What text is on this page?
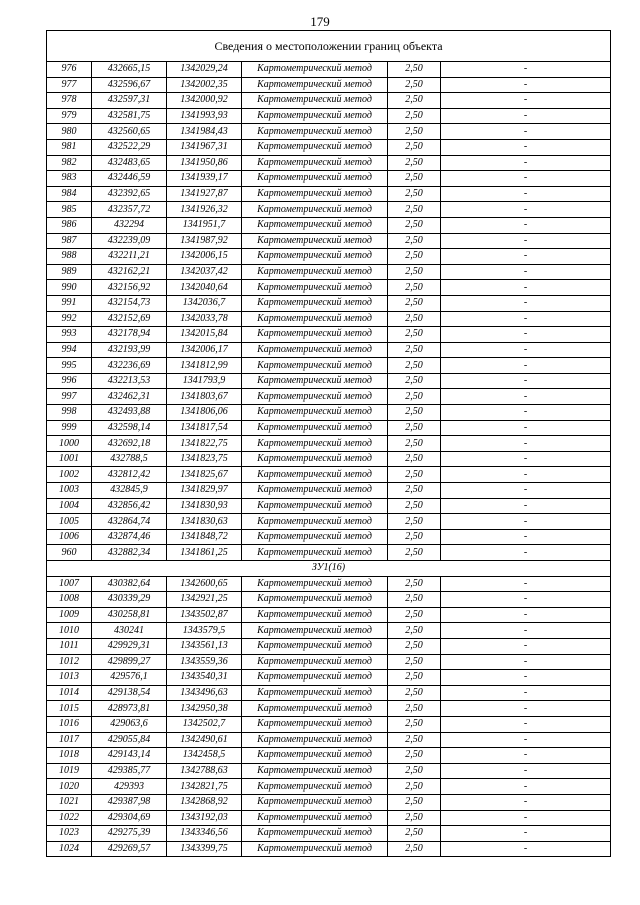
179
Сведения о местоположении границ объекта					
976	432665,15	1342029,24	Картометрический метод	2,50	-
977	432596,67	1342002,35	Картометрический метод	2,50	-
978	432597,31	1342000,92	Картометрический метод	2,50	-
979	432581,75	1341993,93	Картометрический метод	2,50	-
980	432560,65	1341984,43	Картометрический метод	2,50	-
981	432522,29	1341967,31	Картометрический метод	2,50	-
982	432483,65	1341950,86	Картометрический метод	2,50	-
983	432446,59	1341939,17	Картометрический метод	2,50	-
984	432392,65	1341927,87	Картометрический метод	2,50	-
985	432357,72	1341926,32	Картометрический метод	2,50	-
986	432294	1341951,7	Картометрический метод	2,50	-
987	432239,09	1341987,92	Картометрический метод	2,50	-
988	432211,21	1342006,15	Картометрический метод	2,50	-
989	432162,21	1342037,42	Картометрический метод	2,50	-
990	432156,92	1342040,64	Картометрический метод	2,50	-
991	432154,73	1342036,7	Картометрический метод	2,50	-
992	432152,69	1342033,78	Картометрический метод	2,50	-
993	432178,94	1342015,84	Картометрический метод	2,50	-
994	432193,99	1342006,17	Картометрический метод	2,50	-
995	432236,69	1341812,99	Картометрический метод	2,50	-
996	432213,53	1341793,9	Картометрический метод	2,50	-
997	432462,31	1341803,67	Картометрический метод	2,50	-
998	432493,88	1341806,06	Картометрический метод	2,50	-
999	432598,14	1341817,54	Картометрический метод	2,50	-
1000	432692,18	1341822,75	Картометрический метод	2,50	-
1001	432788,5	1341823,75	Картометрический метод	2,50	-
1002	432812,42	1341825,67	Картометрический метод	2,50	-
1003	432845,9	1341829,97	Картометрический метод	2,50	-
1004	432856,42	1341830,93	Картометрический метод	2,50	-
1005	432864,74	1341830,63	Картометрический метод	2,50	-
1006	432874,46	1341848,72	Картометрический метод	2,50	-
960	432882,34	1341861,25	Картометрический метод	2,50	-
ЗУ1(16)					
1007	430382,64	1342600,65	Картометрический метод	2,50	-
1008	430339,29	1342921,25	Картометрический метод	2,50	-
1009	430258,81	1343502,87	Картометрический метод	2,50	-
1010	430241	1343579,5	Картометрический метод	2,50	-
1011	429929,31	1343561,13	Картометрический метод	2,50	-
1012	429899,27	1343559,36	Картометрический метод	2,50	-
1013	429576,1	1343540,31	Картометрический метод	2,50	-
1014	429138,54	1343496,63	Картометрический метод	2,50	-
1015	428973,81	1342950,38	Картометрический метод	2,50	-
1016	429063,6	1342502,7	Картометрический метод	2,50	-
1017	429055,84	1342490,61	Картометрический метод	2,50	-
1018	429143,14	1342458,5	Картометрический метод	2,50	-
1019	429385,77	1342788,63	Картометрический метод	2,50	-
1020	429393	1342821,75	Картометрический метод	2,50	-
1021	429387,98	1342868,92	Картометрический метод	2,50	-
1022	429304,69	1343192,03	Картометрический метод	2,50	-
1023	429275,39	1343346,56	Картометрический метод	2,50	-
1024	429269,57	1343399,75	Картометрический метод	2,50	-
